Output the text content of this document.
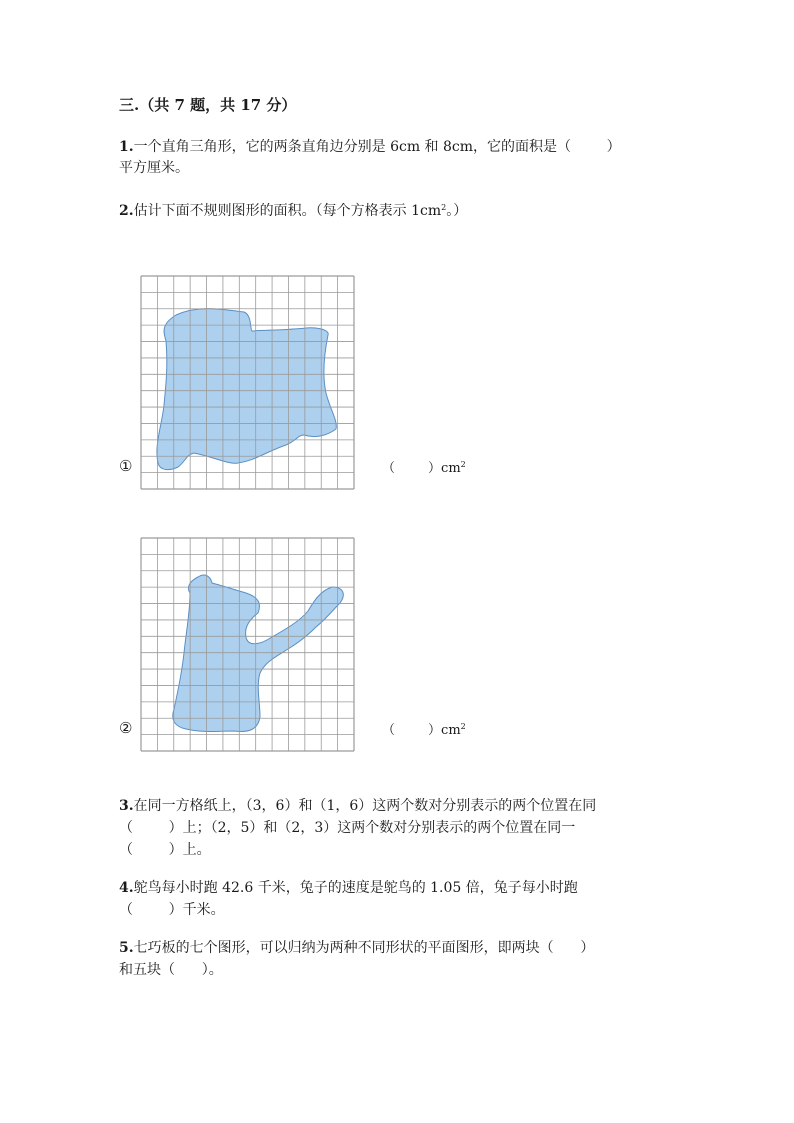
三.（共 7 题，共 17 分）
1.一个直角三角形，它的两条直角边分别是 6cm 和 8cm，它的面积是（        ）
平方厘米。
2.估计下面不规则图形的面积。（每个方格表示 $1cm^2$。）
①	（        ）$cm^2$
②	（        ）$cm^2$
3.在同一方格纸上，（3，6）和（1，6）这两个数对分别表示的两个位置在同
（        ）上；（2，5）和（2，3）这两个数对分别表示的两个位置在同一
（        ）上。
4.鸵鸟每小时跑 42.6 千米，兔子的速度是鸵鸟的 1.05 倍，兔子每小时跑
（        ）千米。
5.七巧板的七个图形，可以归纳为两种不同形状的平面图形，即两块（      ）
和五块（      ）。
